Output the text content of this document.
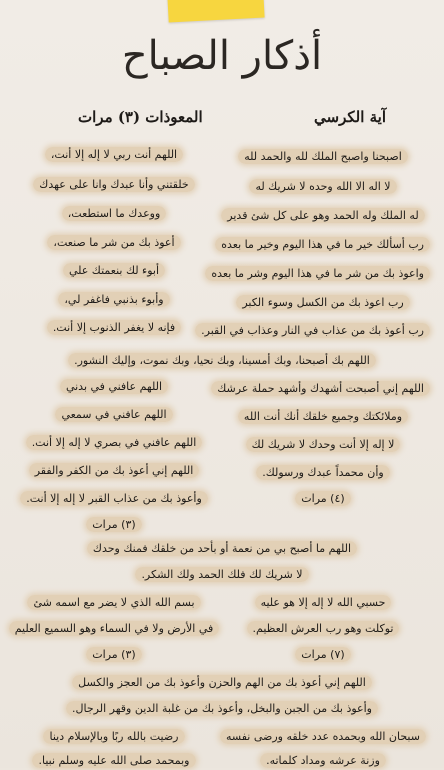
أذكار الصباح
آية الكرسي
المعوذات (٣) مرات
اصبحنا واصبح الملك لله والحمد لله
لا اله الا الله وحده لا شريك له
له الملك وله الحمد وهو على كل شئ قدير
رب أسألك خير ما في هذا اليوم وخير ما بعده
واعوذ بك من شر ما في هذا اليوم وشر ما بعده
رب اعوذ بك من الكسل وسوء الكبر
رب أعوذ بك من عذاب في النار وعذاب في القبر.
اللهم أنت ربي لا إله إلا أنت،
خلقتني وأنا عبدك وانا على عهدك
ووعدك ما استطعت،
أعوذ بك من شر ما صنعت،
أبوء لك بنعمتك علي
وأبوء بذنبي فاغفر لي،
فإنه لا يغفر الذنوب إلا أنت.
اللهم بك أصبحنا، وبك أمسينا، وبك نحيا، وبك نموت، وإليك النشور.
اللهم إني أصبحت أشهدك وأشهد حملة عرشك
وملائكتك وجميع خلقك أنك أنت الله
لا إله إلا أنت وحدك لا شريك لك
وأن محمداً عبدك ورسولك.
(٤) مرات
اللهم عافني في بدني
اللهم عافني في سمعي
اللهم عافني في بصري لا إله إلا أنت.
اللهم إني أعوذ بك من الكفر والفقر
وأعوذ بك من عذاب القبر لا إله إلا أنت.
(٣) مرات
اللهم ما أصبح بي من نعمة أو بأحد من خلقك فمنك وحدك
لا شريك لك فلك الحمد ولك الشكر.
حسبي الله لا إله إلا هو عليه
توكلت وهو رب العرش العظيم.
(٧) مرات
بسم الله الذي لا يضر مع اسمه شئ
في الأرض ولا في السماء وهو السميع العليم
(٣) مرات
اللهم إني أعوذ بك من الهم والحزن وأعوذ بك من العجز والكسل
وأعوذ بك من الجبن والبخل، وأعوذ بك من غلبة الدين وقهر الرجال.
سبحان الله وبحمده عدد خلقه ورضى نفسه
وزنة عرشه ومداد كلماته.
رضيت بالله ربًا وبالإسلام دينا
وبمحمد صلى الله عليه وسلم نبيا.
